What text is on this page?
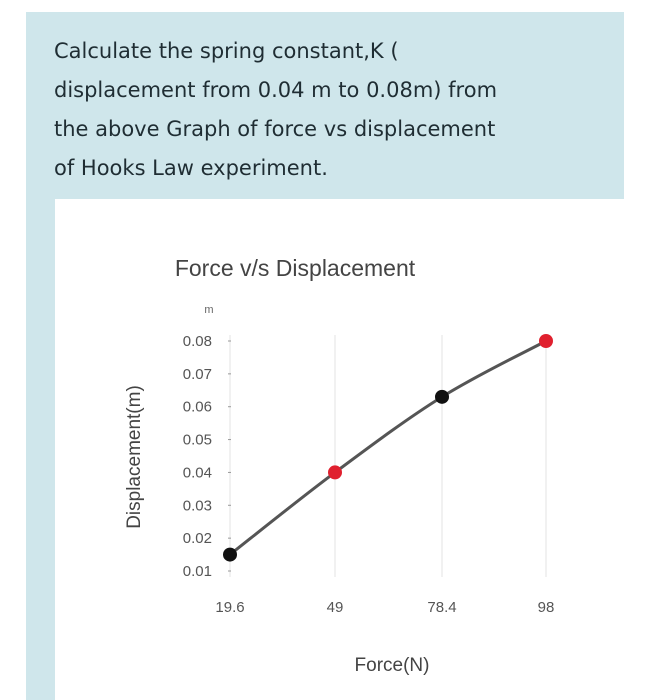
Calculate the spring constant,K (
displacement from 0.04 m to 0.08m) from
the above Graph of force vs displacement
of Hooks Law experiment.

Force v/s Displacement
m
Displacement(m)
Force(N)
0.01
0.02
0.03
0.04
0.05
0.06
0.07
0.08
19.6	49	78.4	98
